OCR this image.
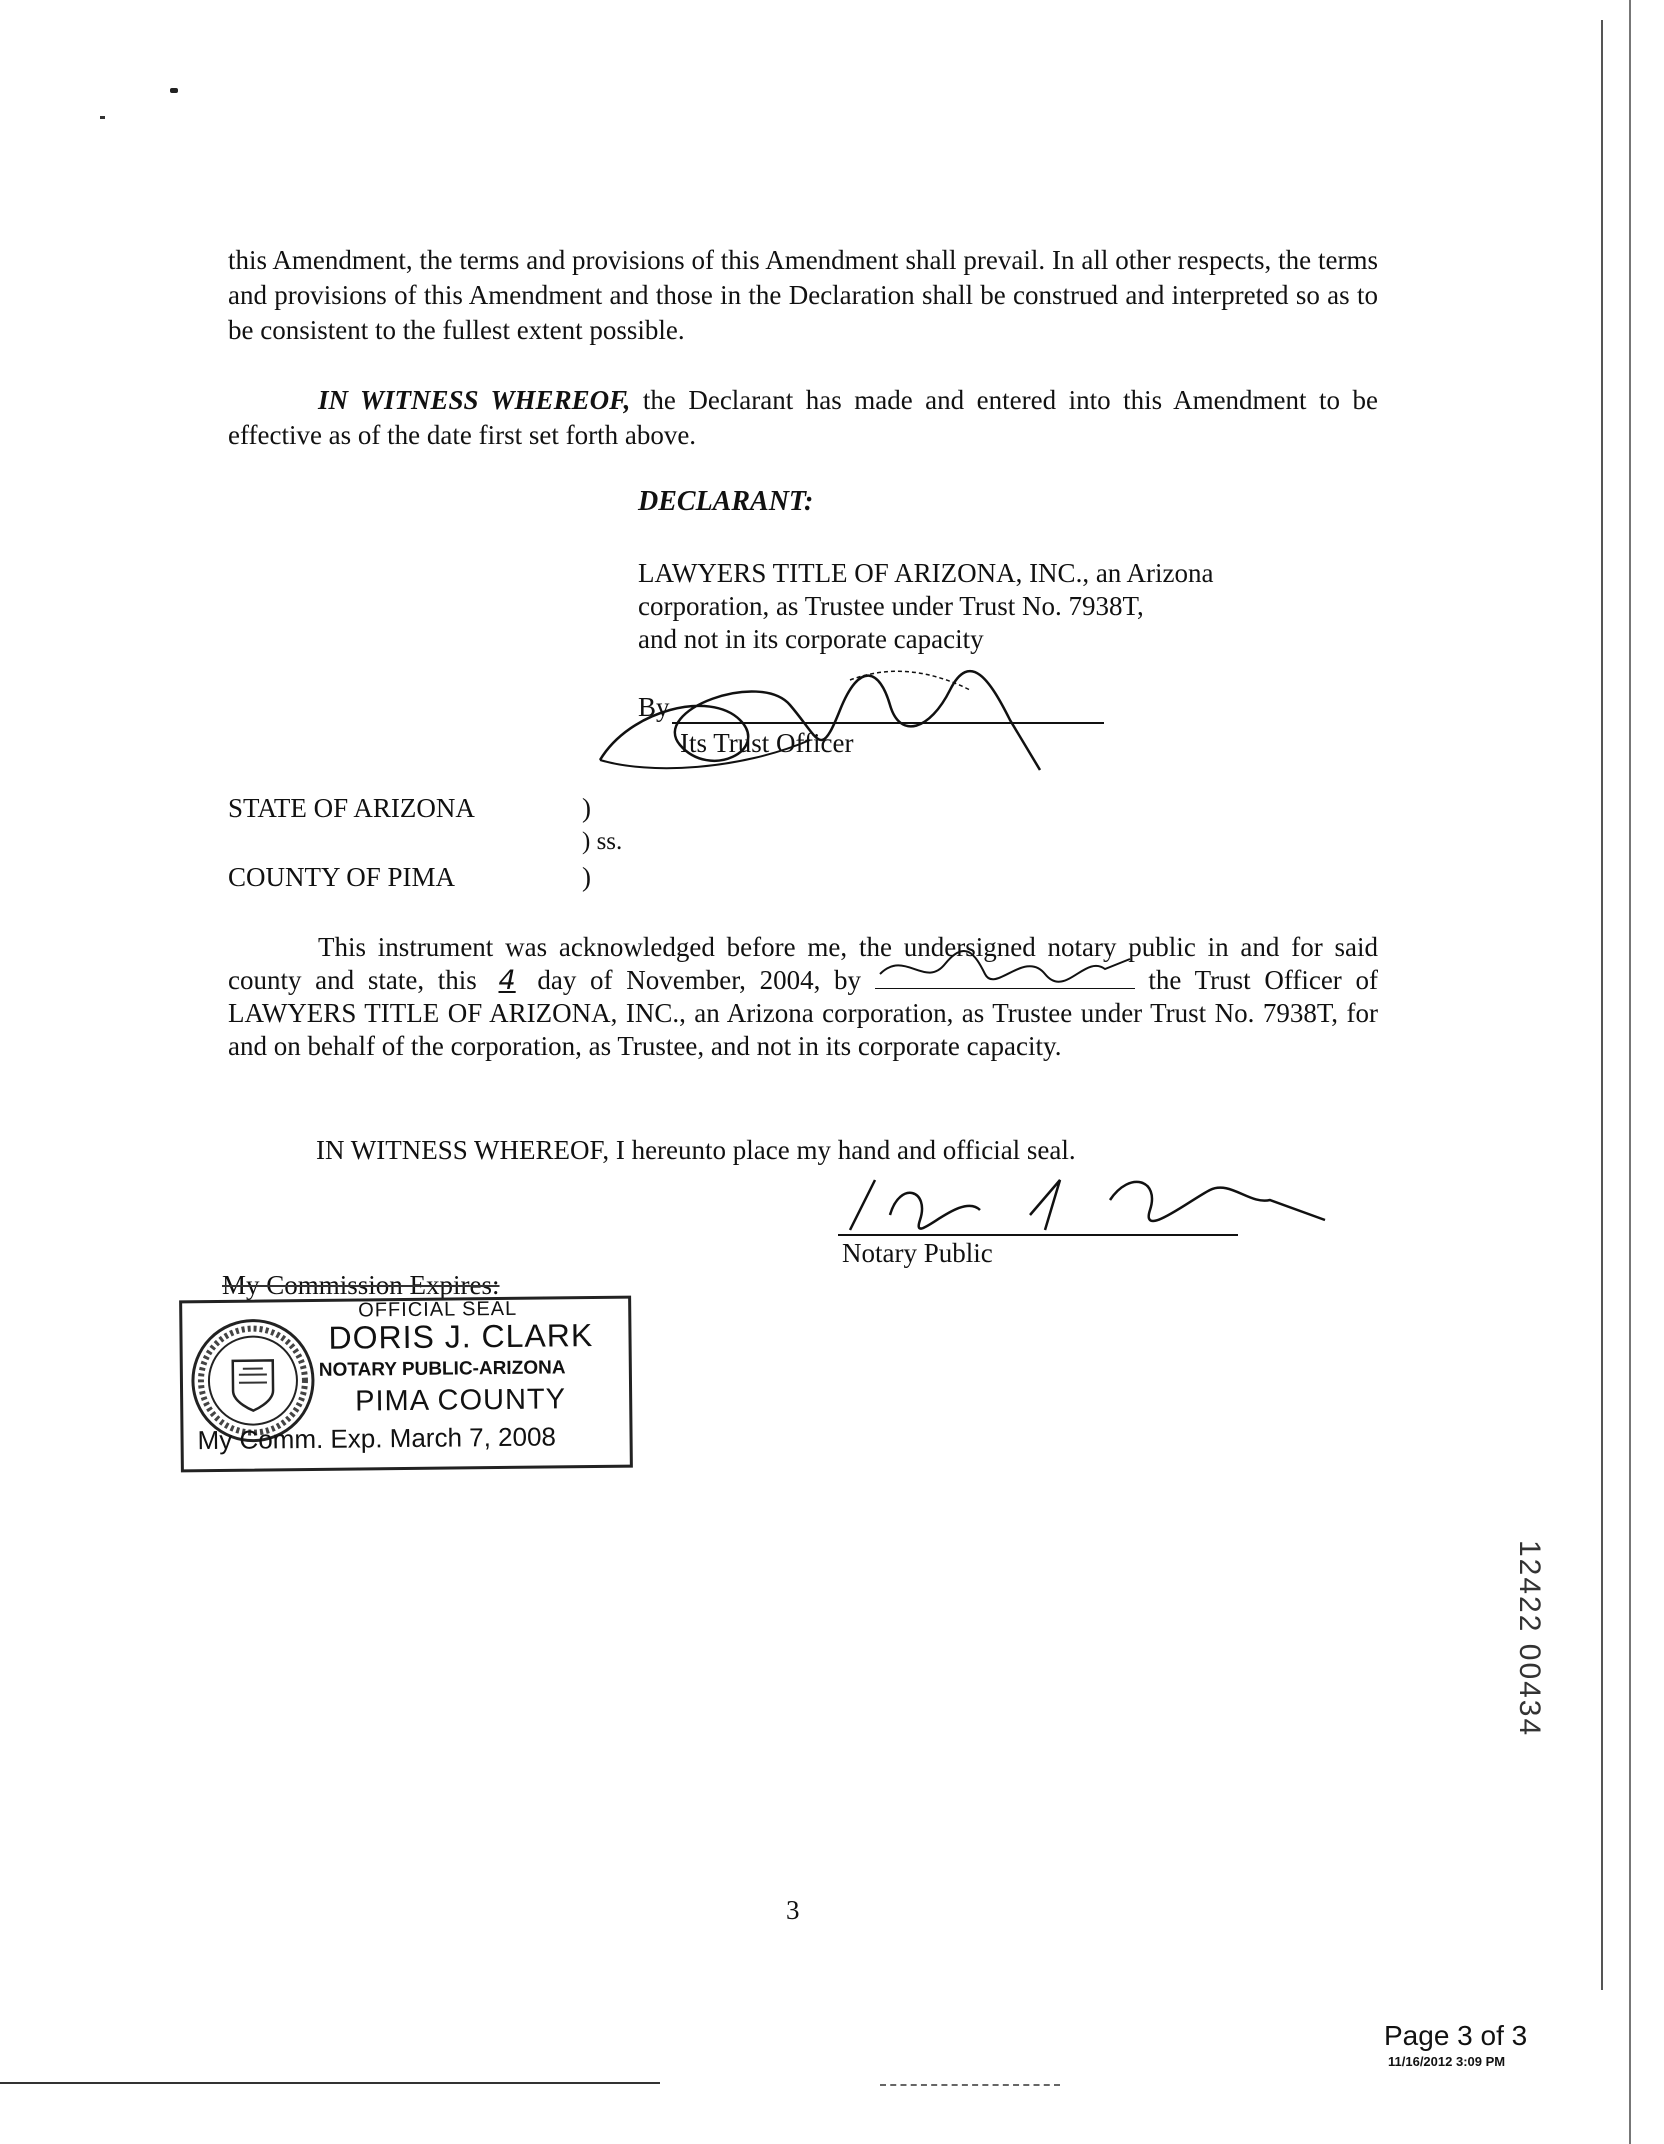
this Amendment, the terms and provisions of this Amendment shall prevail. In all other respects, the terms and provisions of this Amendment and those in the Declaration shall be construed and interpreted so as to be consistent to the fullest extent possible.
IN WITNESS WHEREOF, the Declarant has made and entered into this Amendment to be effective as of the date first set forth above.
DECLARANT:
LAWYERS TITLE OF ARIZONA, INC., an Arizona
corporation, as Trustee under Trust No. 7938T,
and not in its corporate capacity
By
Its Trust Officer
STATE OF ARIZONA	)
) ss.
COUNTY OF PIMA	)
This instrument was acknowledged before me, the undersigned notary public in and for said county and state, this 4 day of November, 2004, by	the Trust Officer of LAWYERS TITLE OF ARIZONA, INC., an Arizona corporation, as Trustee under Trust No. 7938T, for and on behalf of the corporation, as Trustee, and not in its corporate capacity.
IN WITNESS WHEREOF, I hereunto place my hand and official seal.
Notary Public
My Commission Expires:
OFFICIAL SEAL
DORIS J. CLARK
NOTARY PUBLIC-ARIZONA
PIMA COUNTY
My Comm. Exp. March 7, 2008
3
12422 00434
Page 3 of 3
11/16/2012 3:09 PM
